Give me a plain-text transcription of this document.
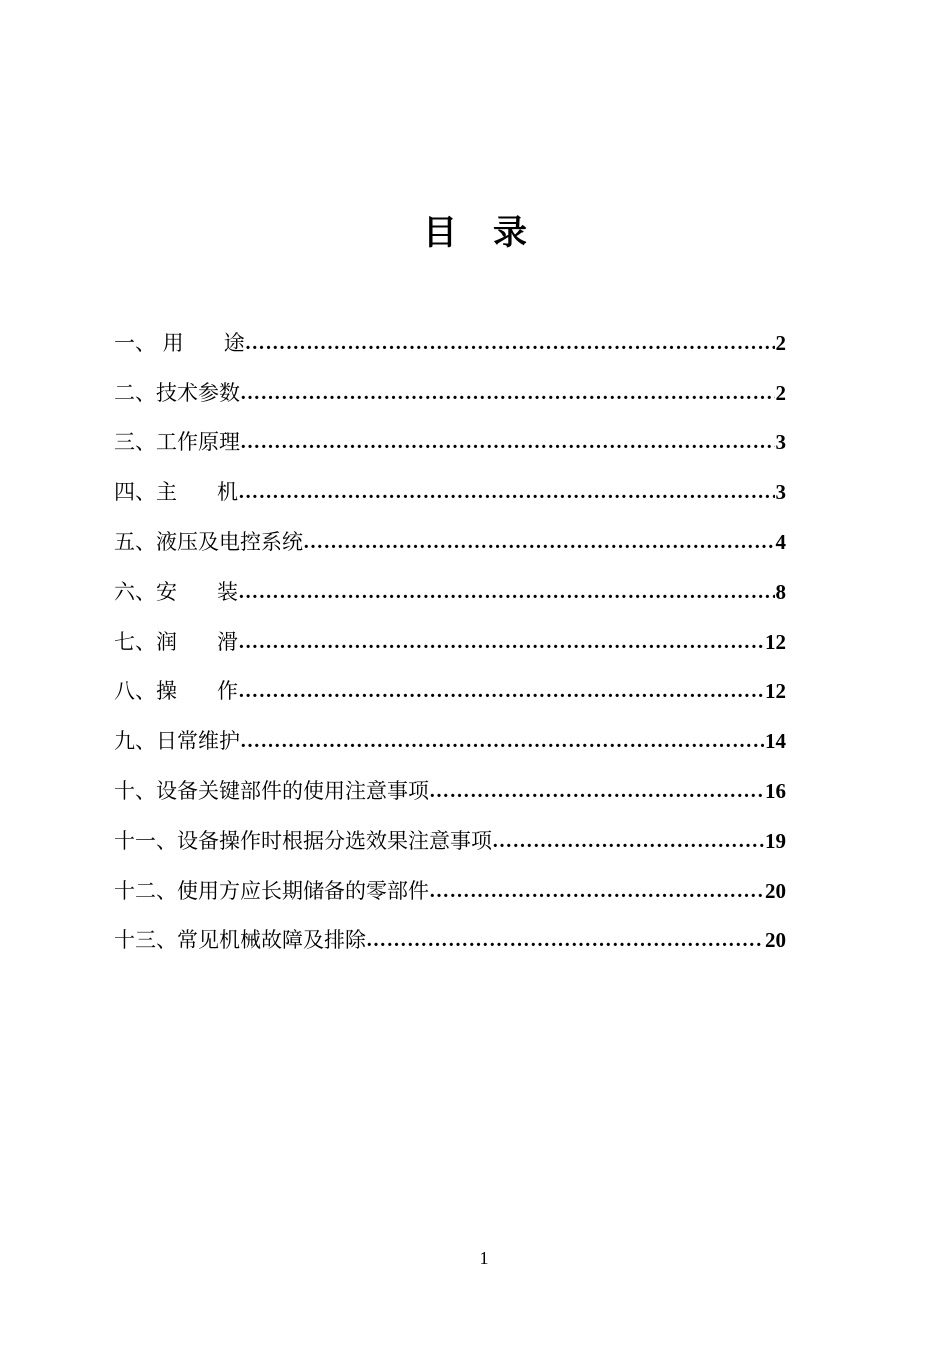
目 录
一、 用      途 ……………………………………………………………………………………………………………………………………………………………………………………	2
二、技术参数 ……………………………………………………………………………………………………………………………………………………………………………………	2
三、工作原理 ……………………………………………………………………………………………………………………………………………………………………………………	3
四、主      机 ……………………………………………………………………………………………………………………………………………………………………………………	3
五、液压及电控系统 ……………………………………………………………………………………………………………………………………………………………………………………	4
六、安      装 ……………………………………………………………………………………………………………………………………………………………………………………	8
七、润      滑 ……………………………………………………………………………………………………………………………………………………………………………………	12
八、操      作 ……………………………………………………………………………………………………………………………………………………………………………………	12
九、日常维护 ……………………………………………………………………………………………………………………………………………………………………………………	14
十、设备关键部件的使用注意事项 ……………………………………………………………………………………………………………………………………………………………………………………	16
十一、设备操作时根据分选效果注意事项 ……………………………………………………………………………………………………………………………………………………………………………………	19
十二、使用方应长期储备的零部件 ……………………………………………………………………………………………………………………………………………………………………………………	20
十三、常见机械故障及排除 ……………………………………………………………………………………………………………………………………………………………………………………	20
1
